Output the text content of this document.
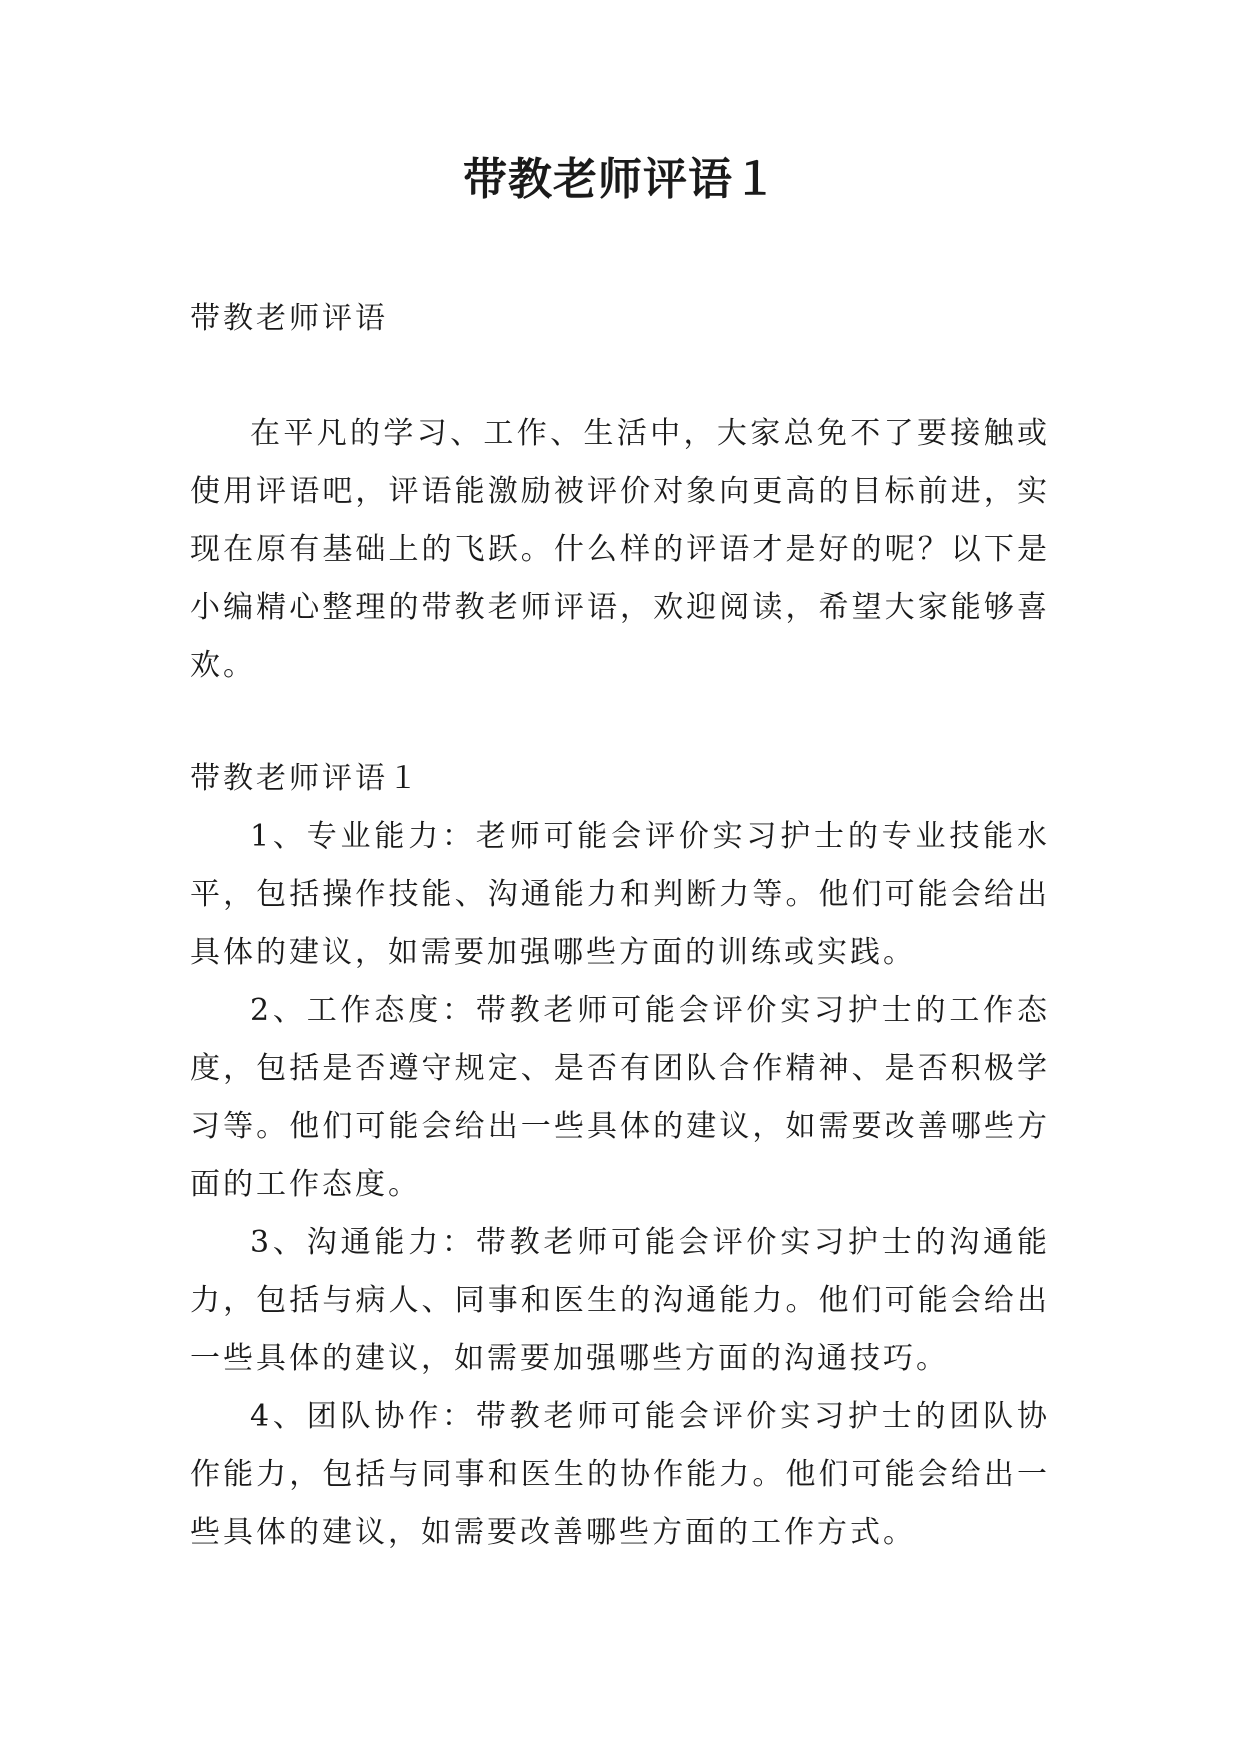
带教老师评语１
带教老师评语
在平凡的学习、工作、生活中，大家总免不了要接触或使用评语吧，评语能激励被评价对象向更高的目标前进，实现在原有基础上的飞跃。什么样的评语才是好的呢？以下是小编精心整理的带教老师评语，欢迎阅读，希望大家能够喜欢。
带教老师评语１

1、专业能力：老师可能会评价实习护士的专业技能水平，包括操作技能、沟通能力和判断力等。他们可能会给出具体的建议，如需要加强哪些方面的训练或实践。

2、工作态度：带教老师可能会评价实习护士的工作态度，包括是否遵守规定、是否有团队合作精神、是否积极学习等。他们可能会给出一些具体的建议，如需要改善哪些方面的工作态度。

3、沟通能力：带教老师可能会评价实习护士的沟通能力，包括与病人、同事和医生的沟通能力。他们可能会给出一些具体的建议，如需要加强哪些方面的沟通技巧。

4、团队协作：带教老师可能会评价实习护士的团队协作能力，包括与同事和医生的协作能力。他们可能会给出一些具体的建议，如需要改善哪些方面的工作方式。
